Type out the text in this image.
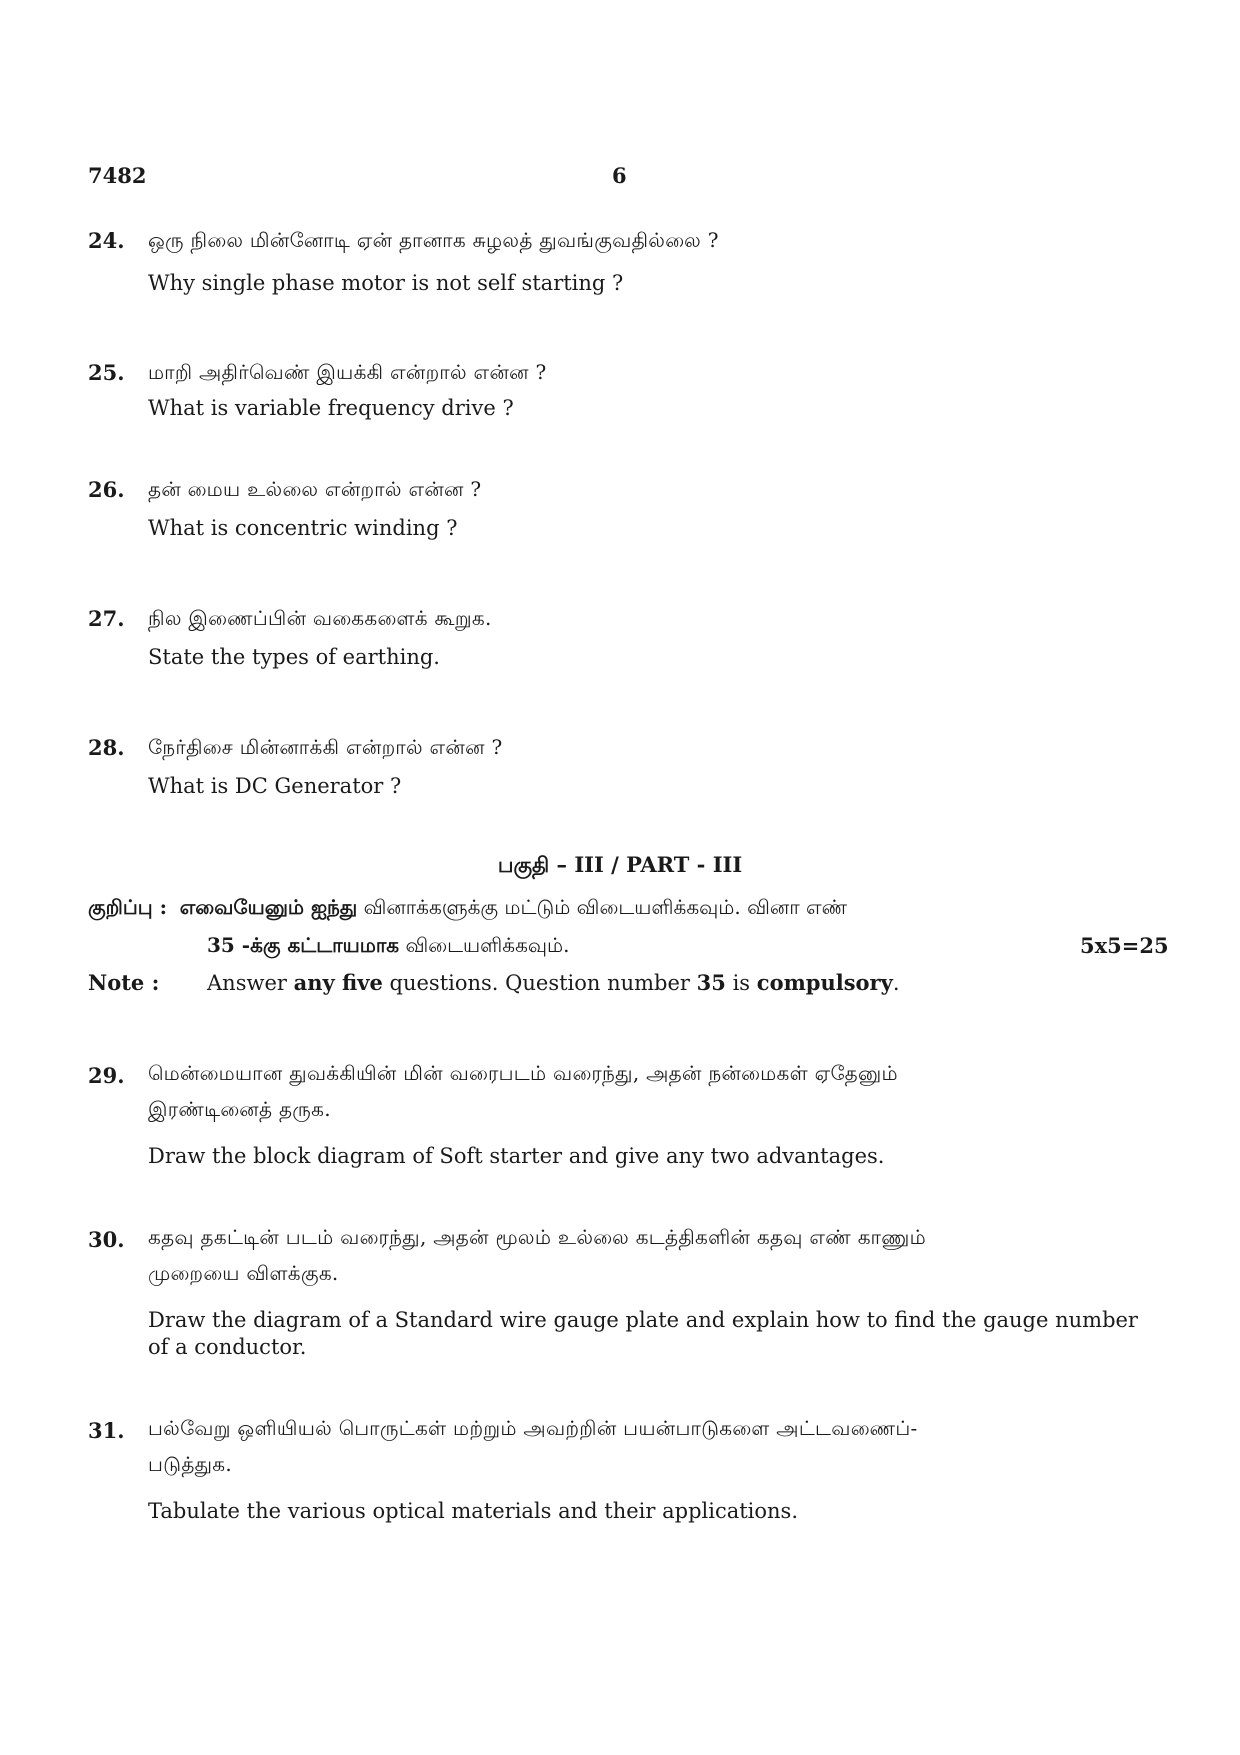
7482	6
24. ஒரு நிலை மின்னோடி ஏன் தானாக சுழலத் துவங்குவதில்லை ?
Why single phase motor is not self starting ?
25. மாறி அதிர்வெண் இயக்கி என்றால் என்ன ?
What is variable frequency drive ?
26. தன் மைய உல்லை என்றால் என்ன ?
What is concentric winding ?
27. நில இணைப்பின் வகைகளைக் கூறுக.
State the types of earthing.
28. நேர்திசை மின்னாக்கி என்றால் என்ன ?
What is DC Generator ?
பகுதி – III / PART - III
குறிப்பு : எவையேனும் ஐந்து வினாக்களுக்கு மட்டும் விடையளிக்கவும். வினா எண்
35 -க்கு கட்டாயமாக விடையளிக்கவும்.	5x5=25
Note : Answer any five questions. Question number 35 is compulsory.
29. மென்மையான துவக்கியின் மின் வரைபடம் வரைந்து, அதன் நன்மைகள் ஏதேனும்
இரண்டினைத் தருக.
Draw the block diagram of Soft starter and give any two advantages.
30. கதவு தகட்டின் படம் வரைந்து, அதன் மூலம் உல்லை கடத்திகளின் கதவு எண் காணும்
முறையை விளக்குக.
Draw the diagram of a Standard wire gauge plate and explain how to find the gauge number of a conductor.
31. பல்வேறு ஒளியியல் பொருட்கள் மற்றும் அவற்றின் பயன்பாடுகளை அட்டவணைப்-
படுத்துக.
Tabulate the various optical materials and their applications.
